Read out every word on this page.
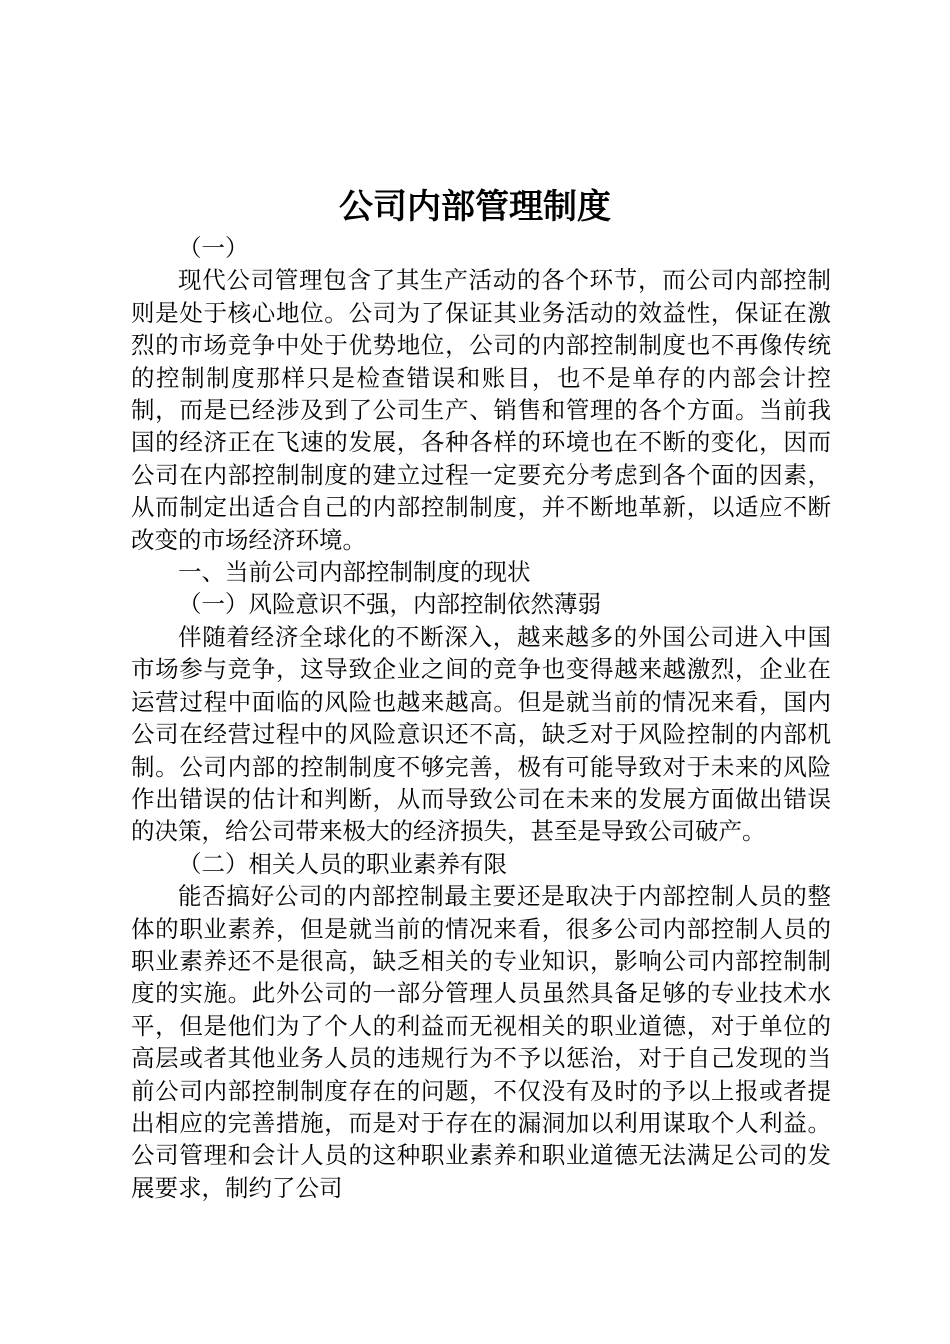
公司内部管理制度

（一）

现代公司管理包含了其生产活动的各个环节，而公司内部控制则是处于核心地位。公司为了保证其业务活动的效益性，保证在激烈的市场竞争中处于优势地位，公司的内部控制制度也不再像传统的控制制度那样只是检查错误和账目，也不是单存的内部会计控制，而是已经涉及到了公司生产、销售和管理的各个方面。当前我国的经济正在飞速的发展，各种各样的环境也在不断的变化，因而公司在内部控制制度的建立过程一定要充分考虑到各个面的因素，从而制定出适合自己的内部控制制度，并不断地革新，以适应不断改变的市场经济环境。

一、当前公司内部控制制度的现状

（一）风险意识不强，内部控制依然薄弱

伴随着经济全球化的不断深入，越来越多的外国公司进入中国市场参与竞争，这导致企业之间的竞争也变得越来越激烈，企业在运营过程中面临的风险也越来越高。但是就当前的情况来看，国内公司在经营过程中的风险意识还不高，缺乏对于风险控制的内部机制。公司内部的控制制度不够完善，极有可能导致对于未来的风险作出错误的估计和判断，从而导致公司在未来的发展方面做出错误的决策，给公司带来极大的经济损失，甚至是导致公司破产。

（二）相关人员的职业素养有限

能否搞好公司的内部控制最主要还是取决于内部控制人员的整体的职业素养，但是就当前的情况来看，很多公司内部控制人员的职业素养还不是很高，缺乏相关的专业知识，影响公司内部控制制度的实施。此外公司的一部分管理人员虽然具备足够的专业技术水平，但是他们为了个人的利益而无视相关的职业道德，对于单位的高层或者其他业务人员的违规行为不予以惩治，对于自己发现的当前公司内部控制制度存在的问题，不仅没有及时的予以上报或者提出相应的完善措施，而是对于存在的漏洞加以利用谋取个人利益。公司管理和会计人员的这种职业素养和职业道德无法满足公司的发展要求，制约了公司
